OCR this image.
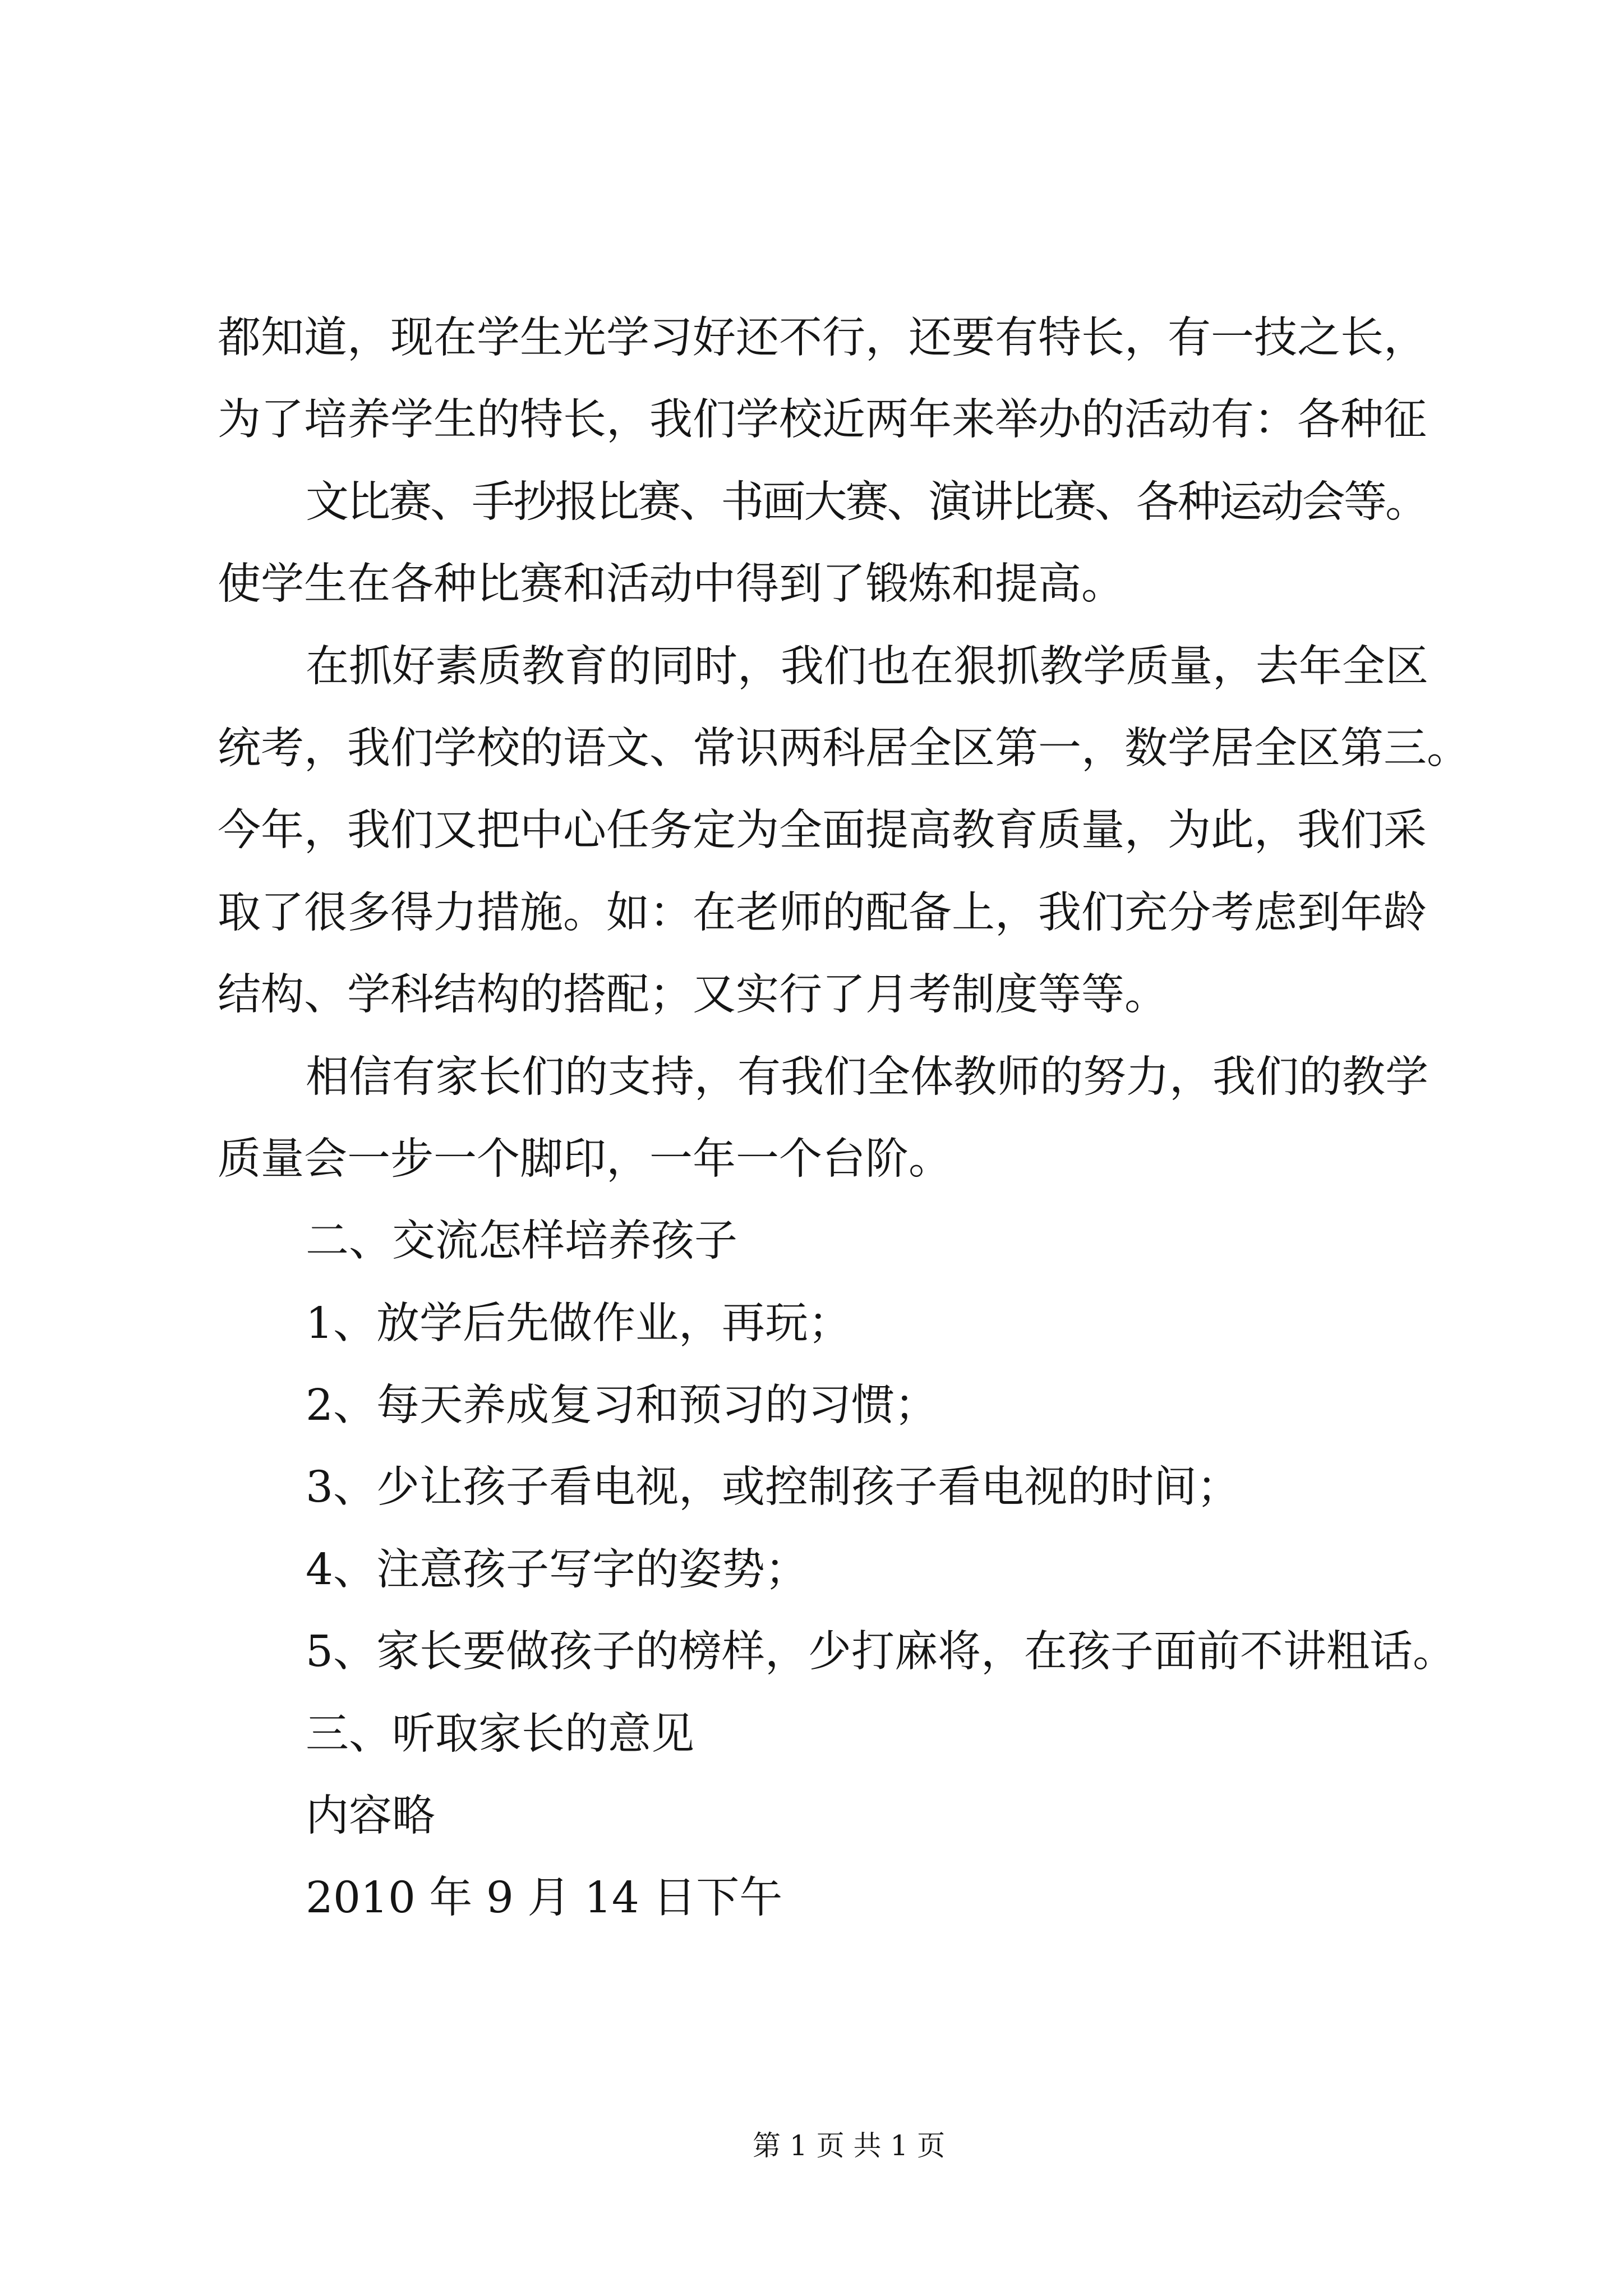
都知道，现在学生光学习好还不行，还要有特长，有一技之长，
为了培养学生的特长，我们学校近两年来举办的活动有：各种征
文比赛、手抄报比赛、书画大赛、演讲比赛、各种运动会等。
使学生在各种比赛和活动中得到了锻炼和提高。
在抓好素质教育的同时，我们也在狠抓教学质量，去年全区
统考，我们学校的语文、常识两科居全区第一，数学居全区第三。
今年，我们又把中心任务定为全面提高教育质量，为此，我们采
取了很多得力措施。如：在老师的配备上，我们充分考虑到年龄
结构、学科结构的搭配；又实行了月考制度等等。
相信有家长们的支持，有我们全体教师的努力，我们的教学
质量会一步一个脚印，一年一个台阶。
二、交流怎样培养孩子
1、放学后先做作业，再玩；
2、每天养成复习和预习的习惯；
3、少让孩子看电视，或控制孩子看电视的时间；
4、注意孩子写字的姿势；
5、家长要做孩子的榜样，少打麻将，在孩子面前不讲粗话。
三、听取家长的意见
内容略
2010 年 9 月 14 日下午
第 1 页 共 1 页
